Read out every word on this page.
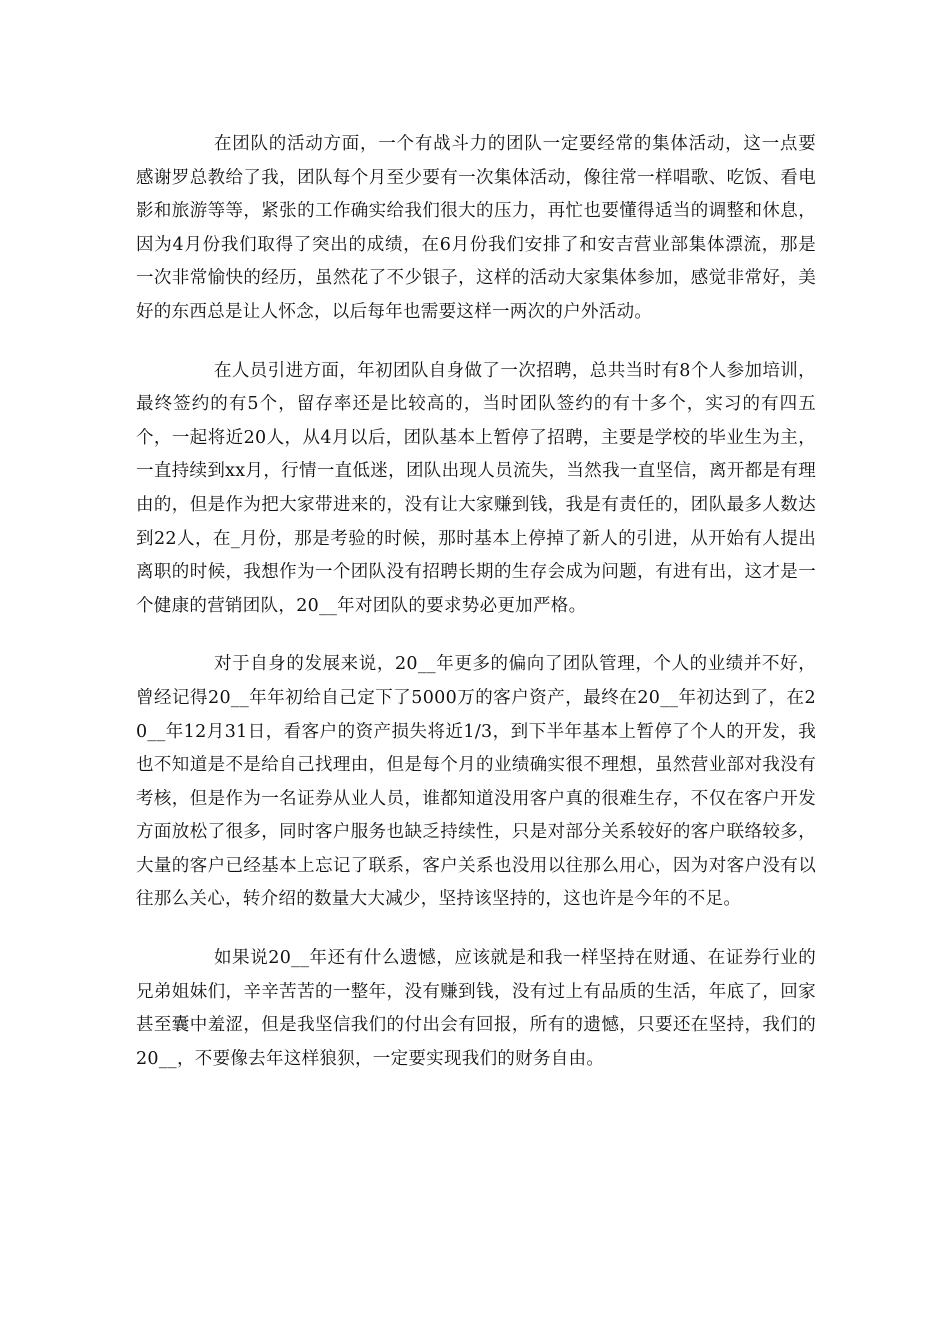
在团队的活动方面，一个有战斗力的团队一定要经常的集体活动，这一点要感谢罗总教给了我，团队每个月至少要有一次集体活动，像往常一样唱歌、吃饭、看电影和旅游等等，紧张的工作确实给我们很大的压力，再忙也要懂得适当的调整和休息，因为4月份我们取得了突出的成绩，在6月份我们安排了和安吉营业部集体漂流，那是一次非常愉快的经历，虽然花了不少银子，这样的活动大家集体参加，感觉非常好，美好的东西总是让人怀念，以后每年也需要这样一两次的户外活动。

在人员引进方面，年初团队自身做了一次招聘，总共当时有8个人参加培训，最终签约的有5个，留存率还是比较高的，当时团队签约的有十多个，实习的有四五个，一起将近20人，从4月以后，团队基本上暂停了招聘，主要是学校的毕业生为主，一直持续到xx月，行情一直低迷，团队出现人员流失，当然我一直坚信，离开都是有理由的，但是作为把大家带进来的，没有让大家赚到钱，我是有责任的，团队最多人数达到22人，在_月份，那是考验的时候，那时基本上停掉了新人的引进，从开始有人提出离职的时候，我想作为一个团队没有招聘长期的生存会成为问题，有进有出，这才是一个健康的营销团队，20__年对团队的要求势必更加严格。

对于自身的发展来说，20__年更多的偏向了团队管理，个人的业绩并不好，曾经记得20__年年初给自己定下了5000万的客户资产，最终在20__年初达到了，在20__年12月31日，看客户的资产损失将近1/3，到下半年基本上暂停了个人的开发，我也不知道是不是给自己找理由，但是每个月的业绩确实很不理想，虽然营业部对我没有考核，但是作为一名证券从业人员，谁都知道没用客户真的很难生存，不仅在客户开发方面放松了很多，同时客户服务也缺乏持续性，只是对部分关系较好的客户联络较多，大量的客户已经基本上忘记了联系，客户关系也没用以往那么用心，因为对客户没有以往那么关心，转介绍的数量大大减少，坚持该坚持的，这也许是今年的不足。

如果说20__年还有什么遗憾，应该就是和我一样坚持在财通、在证券行业的兄弟姐妹们，辛辛苦苦的一整年，没有赚到钱，没有过上有品质的生活，年底了，回家甚至囊中羞涩，但是我坚信我们的付出会有回报，所有的遗憾，只要还在坚持，我们的20__，不要像去年这样狼狈，一定要实现我们的财务自由。
